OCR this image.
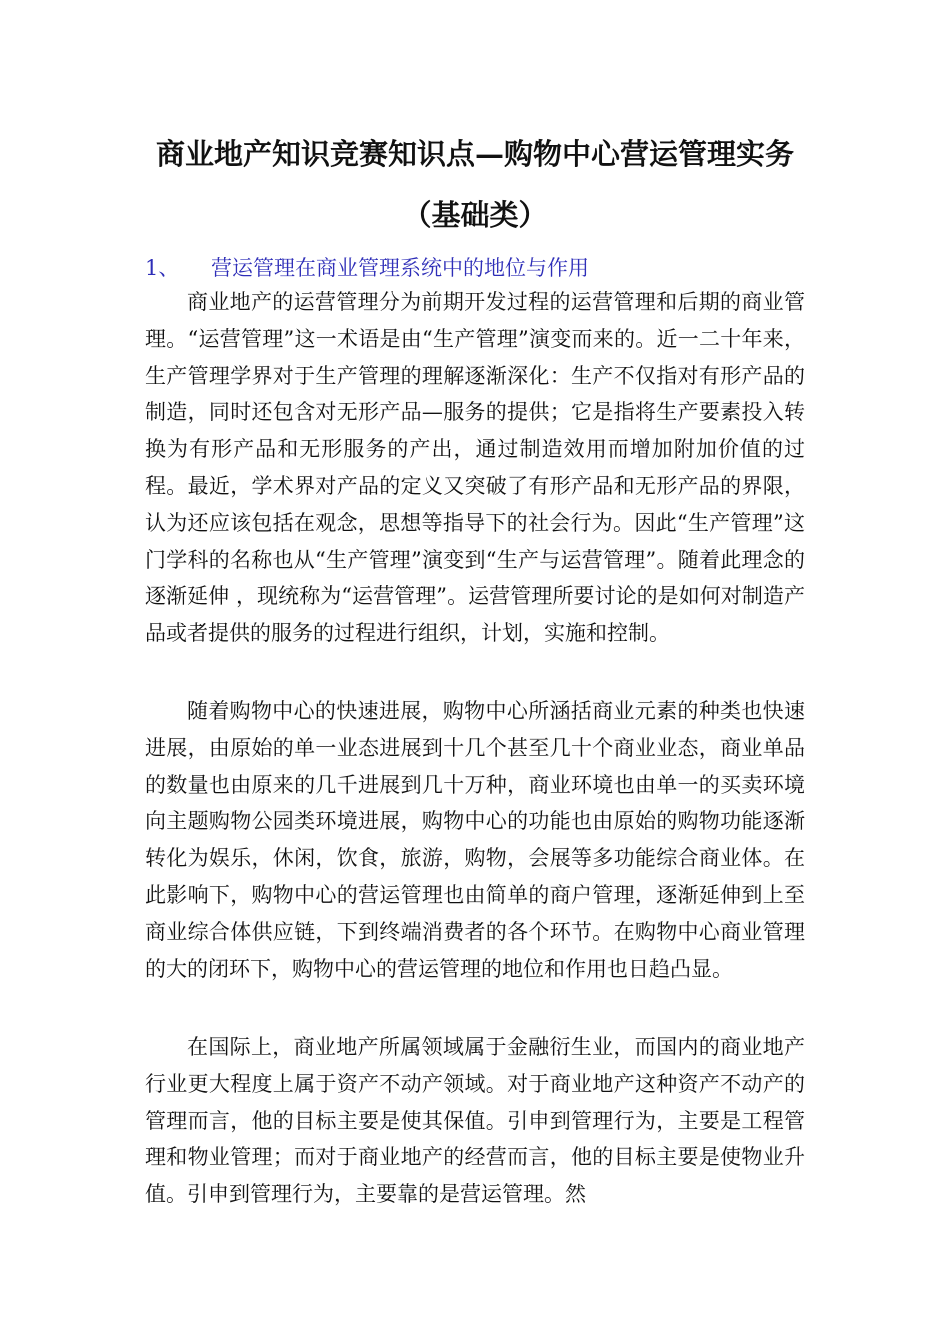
商业地产知识竞赛知识点—购物中心营运管理实务
（基础类）
1、 营运管理在商业管理系统中的地位与作用

商业地产的运营管理分为前期开发过程的运营管理和后期的商业管理。“运营管理”这一术语是由“生产管理”演变而来的。近一二十年来，生产管理学界对于生产管理的理解逐渐深化：生产不仅指对有形产品的制造，同时还包含对无形产品—服务的提供；它是指将生产要素投入转换为有形产品和无形服务的产出，通过制造效用而增加附加价值的过程。最近，学术界对产品的定义又突破了有形产品和无形产品的界限，认为还应该包括在观念，思想等指导下的社会行为。因此“生产管理”这门学科的名称也从“生产管理”演变到“生产与运营管理”。随着此理念的逐渐延伸 ，现统称为“运营管理”。运营管理所要讨论的是如何对制造产品或者提供的服务的过程进行组织，计划，实施和控制。

随着购物中心的快速进展，购物中心所涵括商业元素的种类也快速进展，由原始的单一业态进展到十几个甚至几十个商业业态，商业单品的数量也由原来的几千进展到几十万种，商业环境也由单一的买卖环境向主题购物公园类环境进展，购物中心的功能也由原始的购物功能逐渐转化为娱乐，休闲，饮食，旅游，购物，会展等多功能综合商业体。在此影响下，购物中心的营运管理也由简单的商户管理，逐渐延伸到上至商业综合体供应链，下到终端消费者的各个环节。在购物中心商业管理的大的闭环下，购物中心的营运管理的地位和作用也日趋凸显。

在国际上，商业地产所属领域属于金融衍生业，而国内的商业地产行业更大程度上属于资产不动产领域。对于商业地产这种资产不动产的管理而言，他的目标主要是使其保值。引申到管理行为，主要是工程管理和物业管理；而对于商业地产的经营而言，他的目标主要是使物业升值。引申到管理行为，主要靠的是营运管理。然
